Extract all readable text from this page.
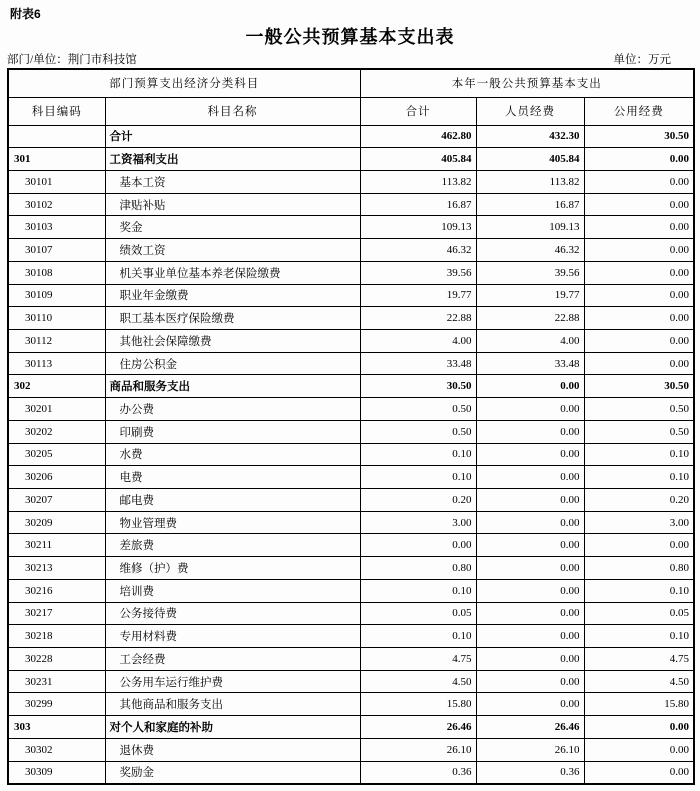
附表6
一般公共预算基本支出表
部门/单位：荆门市科技馆	单位：万元
部门预算支出经济分类科目		本年一般公共预算基本支出		
科目编码	科目名称	合计	人员经费	公用经费
	合计	462.80	432.30	30.50
301	工资福利支出	405.84	405.84	0.00
30101	基本工资	113.82	113.82	0.00
30102	津贴补贴	16.87	16.87	0.00
30103	奖金	109.13	109.13	0.00
30107	绩效工资	46.32	46.32	0.00
30108	机关事业单位基本养老保险缴费	39.56	39.56	0.00
30109	职业年金缴费	19.77	19.77	0.00
30110	职工基本医疗保险缴费	22.88	22.88	0.00
30112	其他社会保障缴费	4.00	4.00	0.00
30113	住房公积金	33.48	33.48	0.00
302	商品和服务支出	30.50	0.00	30.50
30201	办公费	0.50	0.00	0.50
30202	印刷费	0.50	0.00	0.50
30205	水费	0.10	0.00	0.10
30206	电费	0.10	0.00	0.10
30207	邮电费	0.20	0.00	0.20
30209	物业管理费	3.00	0.00	3.00
30211	差旅费	0.00	0.00	0.00
30213	维修（护）费	0.80	0.00	0.80
30216	培训费	0.10	0.00	0.10
30217	公务接待费	0.05	0.00	0.05
30218	专用材料费	0.10	0.00	0.10
30228	工会经费	4.75	0.00	4.75
30231	公务用车运行维护费	4.50	0.00	4.50
30299	其他商品和服务支出	15.80	0.00	15.80
303	对个人和家庭的补助	26.46	26.46	0.00
30302	退休费	26.10	26.10	0.00
30309	奖励金	0.36	0.36	0.00
